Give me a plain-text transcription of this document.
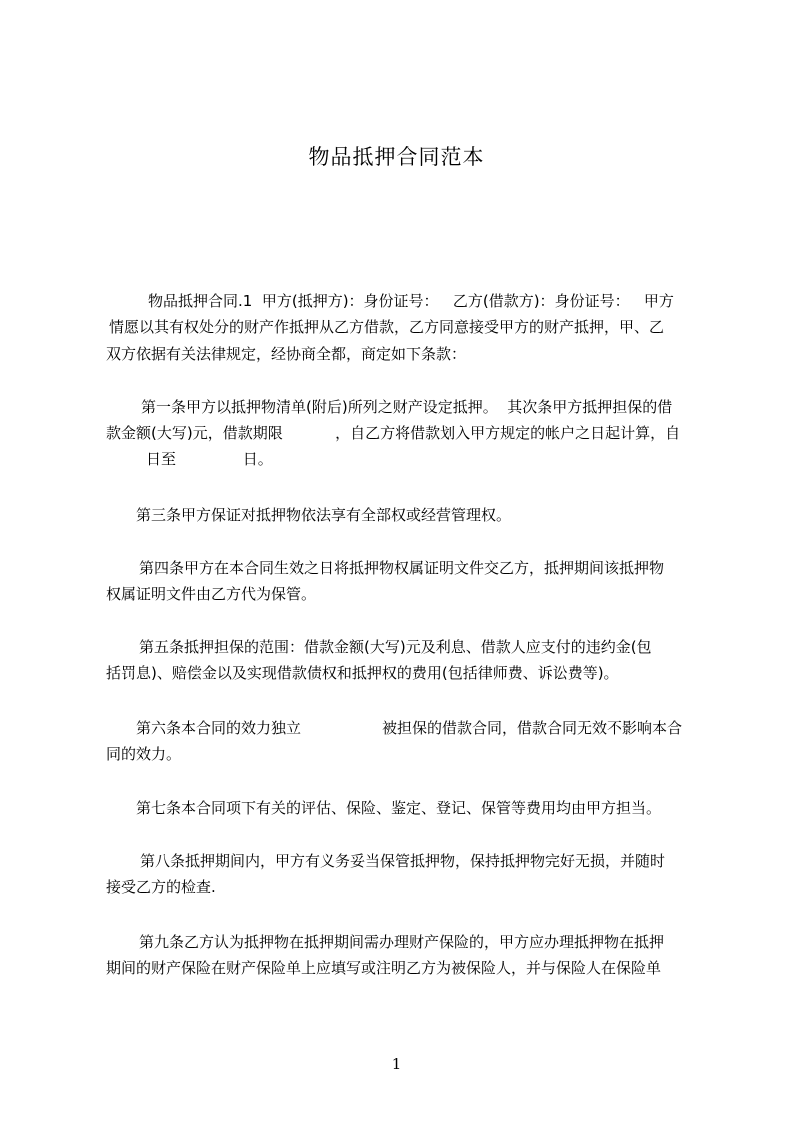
物品抵押合同范本
物品抵押合同.1  甲方(抵押方)：身份证号：   乙方(借款方)：身份证号：   甲方
情愿以其有权处分的财产作抵押从乙方借款，乙方同意接受甲方的财产抵押，甲、乙
双方依据有关法律规定，经协商全都，商定如下条款：
第一条甲方以抵押物清单(附后)所列之财产设定抵押。  其次条甲方抵押担保的借
款金额(大写)元，借款期限           ，自乙方将借款划入甲方规定的帐户之日起计算，自
日至              日。
第三条甲方保证对抵押物依法享有全部权或经营管理权。
第四条甲方在本合同生效之日将抵押物权属证明文件交乙方，抵押期间该抵押物
权属证明文件由乙方代为保管。
第五条抵押担保的范围：借款金额(大写)元及利息、借款人应支付的违约金(包
括罚息)、赔偿金以及实现借款债权和抵押权的费用(包括律师费、诉讼费等)。
第六条本合同的效力独立                 被担保的借款合同，借款合同无效不影响本合
同的效力。
第七条本合同项下有关的评估、保险、鉴定、登记、保管等费用均由甲方担当。
第八条抵押期间内，甲方有义务妥当保管抵押物，保持抵押物完好无损，并随时
接受乙方的检查.
第九条乙方认为抵押物在抵押期间需办理财产保险的，甲方应办理抵押物在抵押
期间的财产保险在财产保险单上应填写或注明乙方为被保险人，并与保险人在保险单
1
